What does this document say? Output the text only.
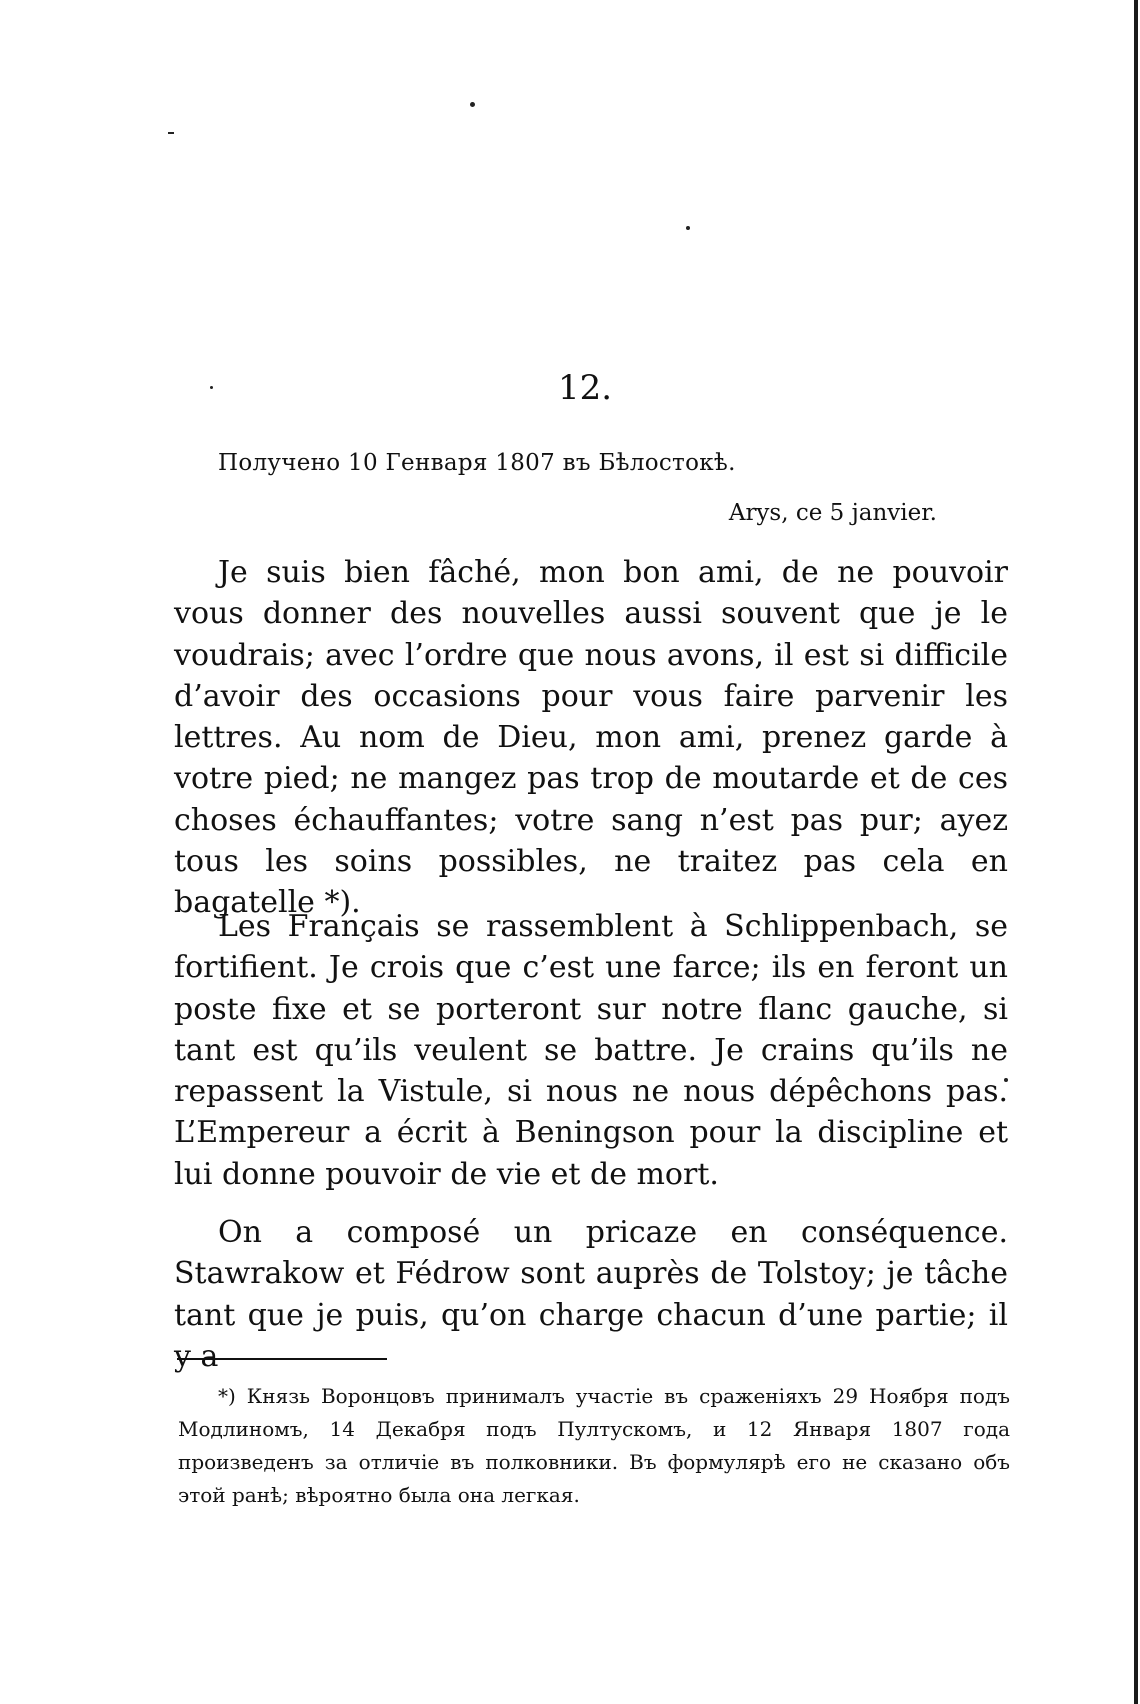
12.
Получено 10 Генваря 1807 въ Бѣлостокѣ.
Arys, ce 5 janvier.

Je suis bien fâché, mon bon ami, de ne pouvoir vous donner des nouvelles aussi souvent que je le voudrais; avec l’ordre que nous avons, il est si difficile d’avoir des occasions pour vous faire parvenir les lettres. Au nom de Dieu, mon ami, prenez garde à votre pied; ne mangez pas trop de moutarde et de ces choses échauffantes; votre sang n’est pas pur; ayez tous les soins possibles, ne traitez pas cela en bagatelle *).

Les Français se rassemblent à Schlippenbach, se fortifient. Je crois que c’est une farce; ils en feront un poste fixe et se porteront sur notre flanc gauche, si tant est qu’ils veulent se battre. Je crains qu’ils ne repassent la Vistule, si nous ne nous dépêchons pas. L’Empereur a écrit à Beningson pour la discipline et lui donne pouvoir de vie et de mort.

On a composé un pricaze en conséquence. Stawrakow et Fédrow sont auprès de Tolstoy; je tâche tant que je puis, qu’on charge chacun d’une partie; il y a

*) Князь Воронцовъ принималъ участіе въ сраженіяхъ 29 Ноября подъ Модлиномъ, 14 Декабря подъ Пултускомъ, и 12 Января 1807 года произведенъ за отличіе въ полковники. Въ формулярѣ его не сказано объ этой ранѣ; вѣроятно была она легкая.
